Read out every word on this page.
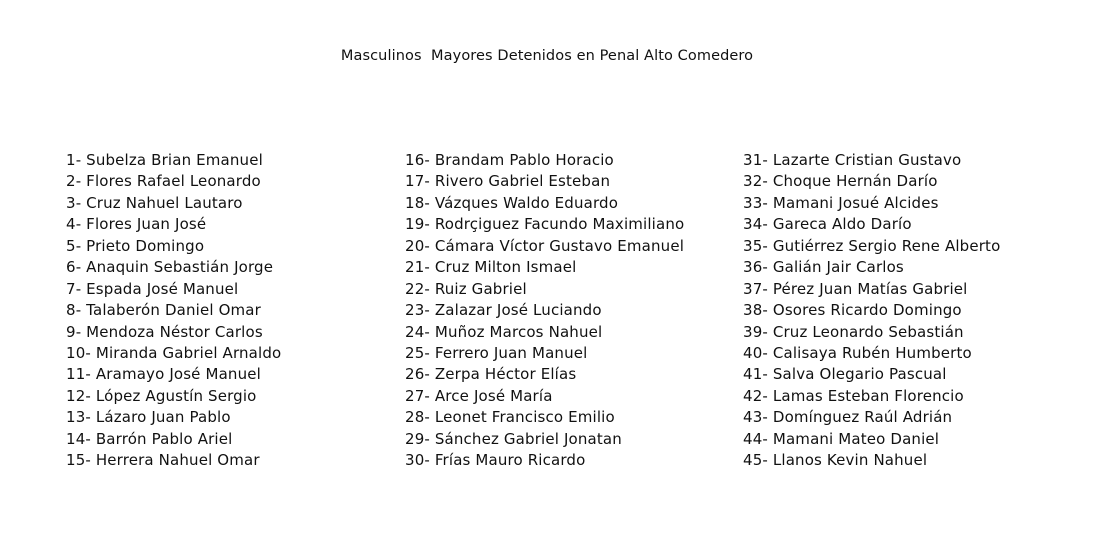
Masculinos  Mayores Detenidos en Penal Alto Comedero
1- Subelza Brian Emanuel
2- Flores Rafael Leonardo
3- Cruz Nahuel Lautaro
4- Flores Juan José
5- Prieto Domingo
6- Anaquin Sebastián Jorge
7- Espada José Manuel
8- Talaberón Daniel Omar
9- Mendoza Néstor Carlos
10- Miranda Gabriel Arnaldo
11- Aramayo José Manuel
12- López Agustín Sergio
13- Lázaro Juan Pablo
14- Barrón Pablo Ariel
15- Herrera Nahuel Omar
16- Brandam Pablo Horacio
17- Rivero Gabriel Esteban
18- Vázques Waldo Eduardo
19- Rodrçiguez Facundo Maximiliano
20- Cámara Víctor Gustavo Emanuel
21- Cruz Milton Ismael
22- Ruiz Gabriel
23- Zalazar José Luciando
24- Muñoz Marcos Nahuel
25- Ferrero Juan Manuel
26- Zerpa Héctor Elías
27- Arce José María
28- Leonet Francisco Emilio
29- Sánchez Gabriel Jonatan
30- Frías Mauro Ricardo
31- Lazarte Cristian Gustavo
32- Choque Hernán Darío
33- Mamani Josué Alcides
34- Gareca Aldo Darío
35- Gutiérrez Sergio Rene Alberto
36- Galián Jair Carlos
37- Pérez Juan Matías Gabriel
38- Osores Ricardo Domingo
39- Cruz Leonardo Sebastián
40- Calisaya Rubén Humberto
41- Salva Olegario Pascual
42- Lamas Esteban Florencio
43- Domínguez Raúl Adrián
44- Mamani Mateo Daniel
45- Llanos Kevin Nahuel
